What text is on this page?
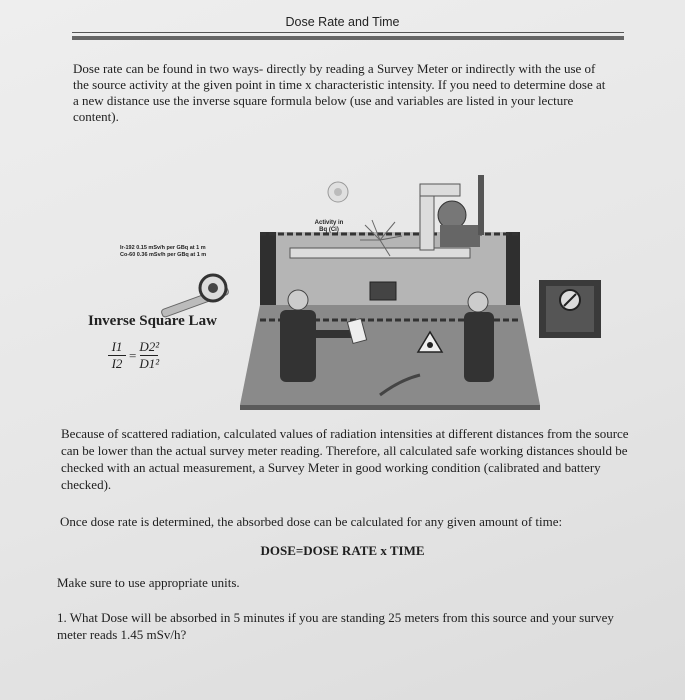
Dose Rate and Time

Dose rate can be found in two ways- directly by reading a Survey Meter or indirectly with the use of the source activity at the given point in time x characteristic intensity. If you need to determine dose at a new distance use the inverse square formula below (use and variables are listed in your lecture content).

Ir-192 0.15 mSv/h per GBq at 1 m
Co-60 0.36 mSv/h per GBq at 1 m

Activity in
Bq (Ci)
Inverse Square Law
$\frac{I1}{I2} = \frac{\text{D2²}}{\text{D1²}}$

Because of scattered radiation, calculated values of radiation intensities at different distances from the source can be lower than the actual survey meter reading. Therefore, all calculated safe working distances should be checked with an actual measurement, a Survey Meter in good working condition (calibrated and battery checked).

Once dose rate is determined, the absorbed dose can be calculated for any given amount of time:

DOSE=DOSE RATE x TIME

Make sure to use appropriate units.

1. What Dose will be absorbed in 5 minutes if you are standing 25 meters from this source and your survey meter reads 1.45 mSv/h?
